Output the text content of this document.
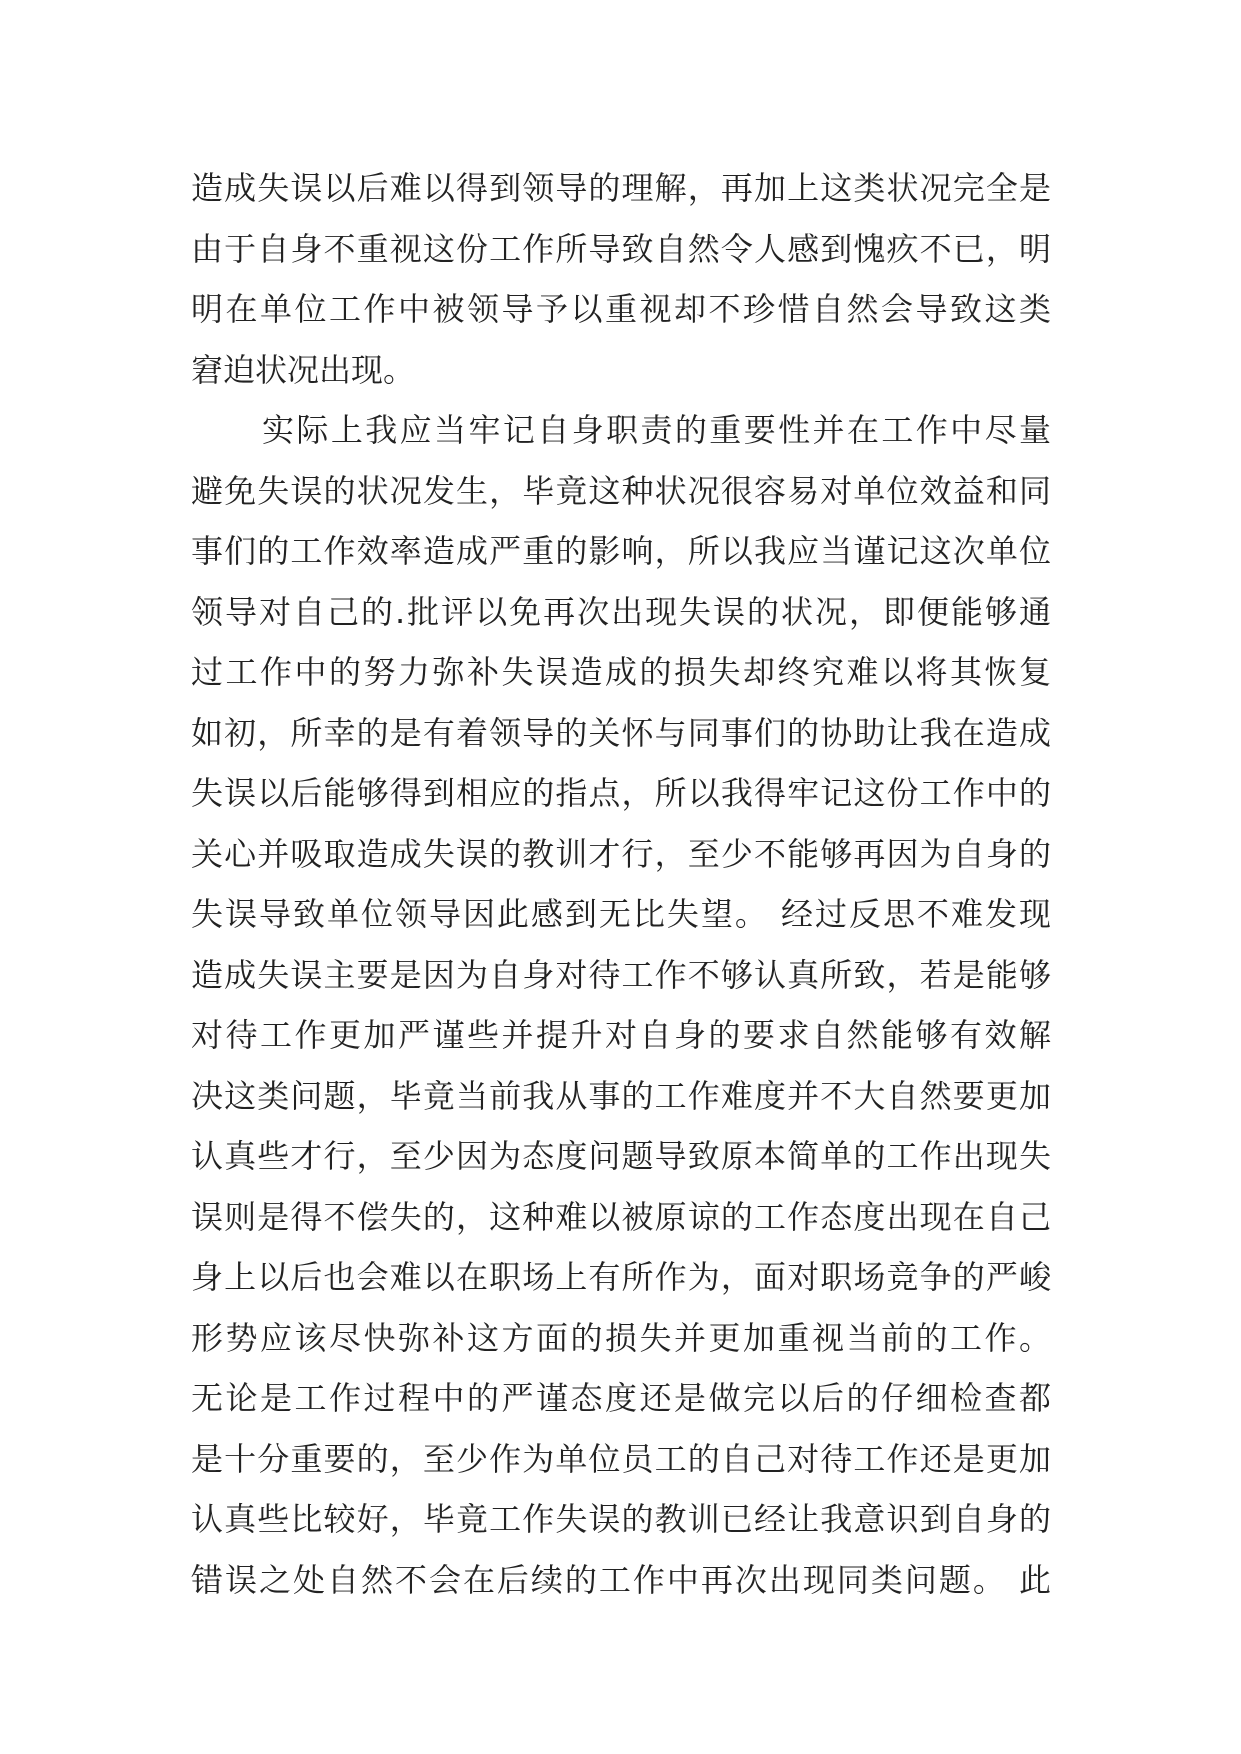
造成失误以后难以得到领导的理解，再加上这类状况完全是
由于自身不重视这份工作所导致自然令人感到愧疚不已，明
明在单位工作中被领导予以重视却不珍惜自然会导致这类
窘迫状况出现。
实际上我应当牢记自身职责的重要性并在工作中尽量
避免失误的状况发生，毕竟这种状况很容易对单位效益和同
事们的工作效率造成严重的影响，所以我应当谨记这次单位
领导对自己的.批评以免再次出现失误的状况，即便能够通
过工作中的努力弥补失误造成的损失却终究难以将其恢复
如初，所幸的是有着领导的关怀与同事们的协助让我在造成
失误以后能够得到相应的指点，所以我得牢记这份工作中的
关心并吸取造成失误的教训才行，至少不能够再因为自身的
失误导致单位领导因此感到无比失望。 经过反思不难发现
造成失误主要是因为自身对待工作不够认真所致，若是能够
对待工作更加严谨些并提升对自身的要求自然能够有效解
决这类问题，毕竟当前我从事的工作难度并不大自然要更加
认真些才行，至少因为态度问题导致原本简单的工作出现失
误则是得不偿失的，这种难以被原谅的工作态度出现在自己
身上以后也会难以在职场上有所作为，面对职场竞争的严峻
形势应该尽快弥补这方面的损失并更加重视当前的工作。
无论是工作过程中的严谨态度还是做完以后的仔细检查都
是十分重要的，至少作为单位员工的自己对待工作还是更加
认真些比较好，毕竟工作失误的教训已经让我意识到自身的
错误之处自然不会在后续的工作中再次出现同类问题。 此
